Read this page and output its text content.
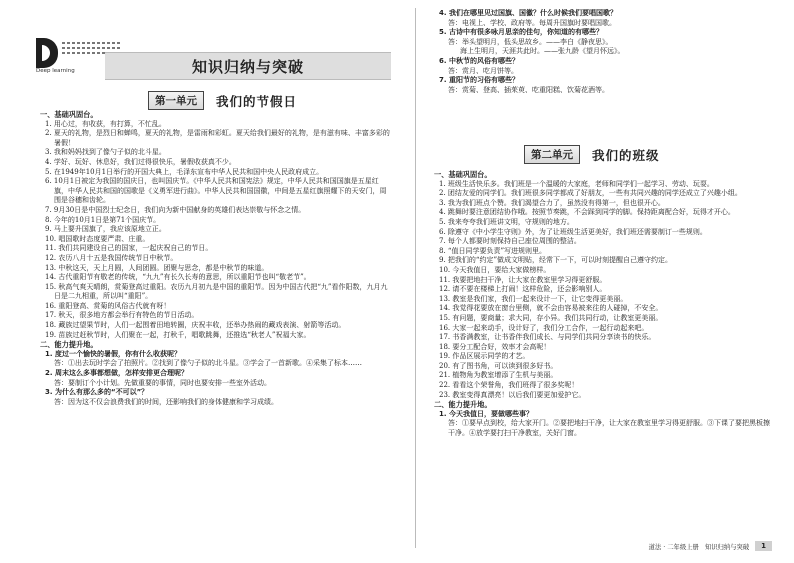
Deep learning	知识归纳与突破
第一单元	我们的节假日

一、基础巩固台。

1. 用心过，有收获，有打算，不忙乱。

2. 夏天的礼物，是烈日和蝉鸣，夏天的礼物，是雷雨和彩虹。夏天给我们最好的礼物，是有滋有味、丰富多彩的暑假！

3. 我和妈妈找到了像勺子似的北斗星。

4. 学好、玩好、休息好，我们过得很快乐，暑假收获真不少。

5. 在1949年10月1日举行的开国大典上，毛泽东宣布中华人民共和国中央人民政府成立。

6. 10月1日被定为我国的国庆日，也叫国庆节。《中华人民共和国宪法》规定，中华人民共和国国旗是五星红旗，中华人民共和国的国歌是《义勇军进行曲》。中华人民共和国国徽，中间是五星红旗照耀下的天安门，周围是谷穗和齿轮。

7. 9月30日是中国烈士纪念日，我们向为新中国献身的英雄们表达崇敬与怀念之情。

8. 今年的10月1日是第71个国庆节。

9. 马上要升国旗了，我应该原地立正。

10. 唱国歌时态度要严肃、庄重。

11. 我们共同建设自己的国家，一起庆祝自己的节日。

12. 农历八月十五是我国传统节日中秋节。

13. 中秋这天，天上月圆，人间团圆。团聚与思念，都是中秋节的味道。

14. 古代重阳节有敬老的传统，“九九”有长久长寿的意思，所以重阳节也叫“敬老节”。

15. 秋高气爽天晴朗，赏菊登高过重阳。农历九月初九是中国的重阳节。因为中国古代把“九”看作阳数，九月九日是二九相重，所以叫“重阳”。

16. 重阳登高、赏菊的风俗古代就有呀！

17. 秋天，很多地方都会举行有特色的节日活动。

18. 藏族过望果节时，人们一起围着田地转圈，庆祝丰收，还举办热闹的藏戏表演、射箭等活动。

19. 苗族过赶秋节时，人们聚在一起，打秋千，唱歌跳舞，还推选“秋老人”祝福大家。

二、能力提升地。

1. 度过一个愉快的暑假，你有什么收获呢？

答：①出去玩时学会了拍照片。②找到了像勺子似的北斗星。③学会了一首新歌。④采集了标本……

2. 周末这么多事都想做，怎样安排更合理呢？

答：要制订个小计划。先做重要的事情，同时也要安排一些室外活动。

3. 为什么有那么多的“不可以”？

答：因为这不仅会浪费我们的时间，还影响我们的身体健康和学习成绩。

4. 我们在哪里见过国旗、国徽？什么时候我们要唱国歌？

答：电视上、学校、政府等。每周升国旗时要唱国歌。

5. 古诗中有很多咏月思亲的佳句，你知道的有哪些？

答：举头望明月，低头思故乡。——李白《静夜思》。

海上生明月，天涯共此时。——张九龄《望月怀远》。

6. 中秋节的风俗有哪些？

答：赏月、吃月饼等。

7. 重阳节的习俗有哪些？

答：赏菊、登高、插茱萸、吃重阳糕、饮菊花酒等。

第二单元	我们的班级

一、基础巩固台。

1. 班级生活快乐多。我们班是一个温暖的大家庭，老师和同学们一起学习、劳动、玩耍。

2. 团结友爱的同学们。我们班很多同学都成了好朋友，一些有共同兴趣的同学还成立了兴趣小组。

3. 我为我们班点个赞。我们渴望合力了，虽然没有得第一，但也很开心。

4. 跳舞时要注意团结协作哦。按照节奏跳，不会踩到同学的脚。保持距离配合好，玩得才开心。

5. 我来夸夸我们班讲文明，守规则的地方。

6. 除遵守《中小学生守则》外，为了让班级生活更美好，我们班还需要制订一些规则。

7. 每个人都要时刻保持自己座位周围的整洁。

8. “值日同学要负责”写进规则里。

9. 把我们的“约定”做成文明贴，经常下一下，可以时刻提醒自己遵守约定。

10. 今天我值日，要给大家做榜样。

11. 我要把地扫干净，让大家在教室里学习得更舒服。

12. 请不要在楼梯上打闹！这样危险，还会影响别人。

13. 教室是我们家，我们一起来设计一下，让它变得更美丽。

14. 我觉得花要放在窗台里侧，就不会由容易被来往的人碰掉，不安全。

15. 有问题，要商量；求大同，存小异。我们共同行动，让教室更美丽。

16. 大家一起来动手，设计好了，我们分工合作，一起行动起来吧。

17. 书香满教室，让书香伴我们成长、与同学们共同分享读书的快乐。

18. 要分工配合好，效率才会高呢！

19. 作品区展示同学的才艺。

20. 有了图书角，可以读到很多好书。

21. 植物角为教室增添了生机与美丽。

22. 看看这个荣誉角，我们班得了很多奖呢！

23. 教室变得真漂亮！以后我们要更加爱护它。

二、能力提升地。

1. 今天我值日，要做哪些事？

答：①要早点到校，给大家开门。②要把地扫干净，让大家在教室里学习得更舒服。③下课了要把黑板擦干净。④放学要打扫干净教室，关好门窗。

道法 · 二年级上册　知识归纳与突破	1
